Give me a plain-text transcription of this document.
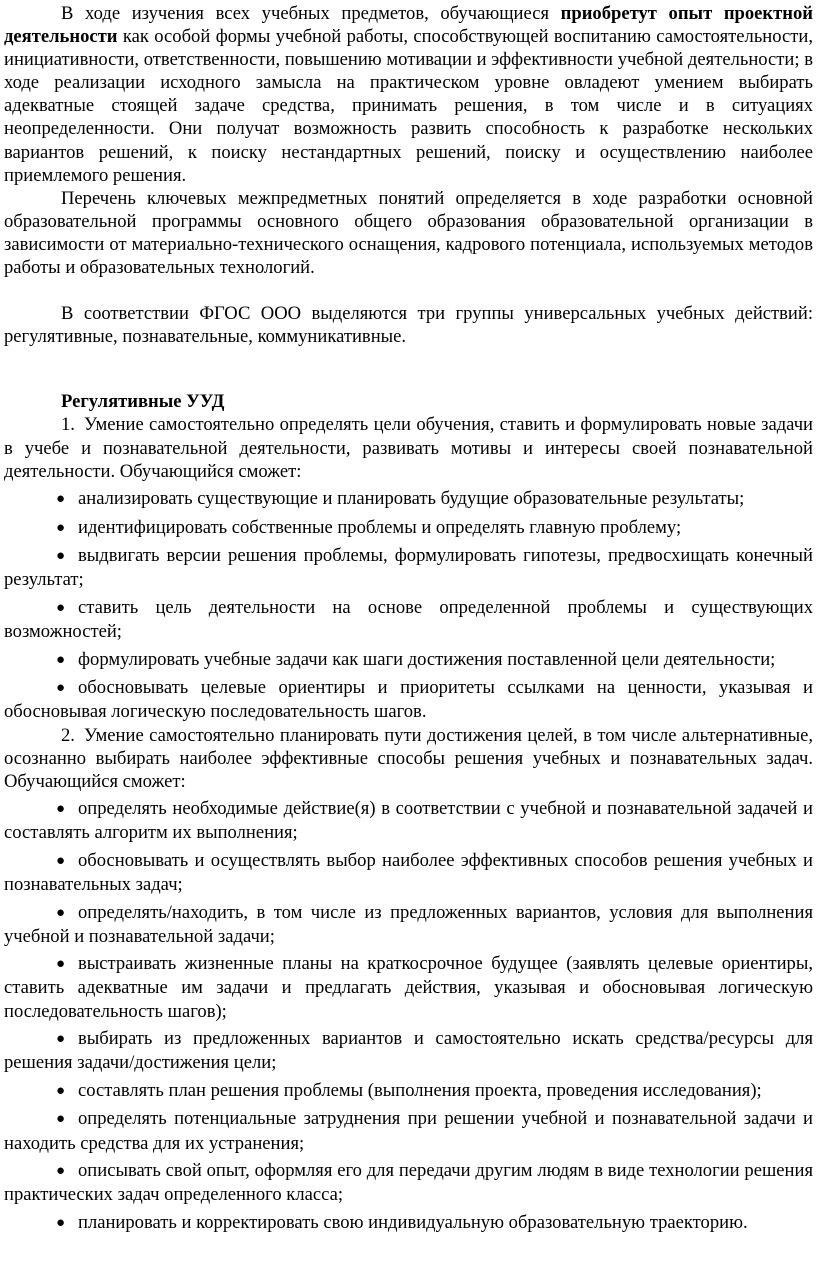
В ходе изучения всех учебных предметов, обучающиеся приобретут опыт проектной деятельности как особой формы учебной работы, способствующей воспитанию самостоятельности, инициативности, ответственности, повышению мотивации и эффективности учебной деятельности; в ходе реализации исходного замысла на практическом уровне овладеют умением выбирать адекватные стоящей задаче средства, принимать решения, в том числе и в ситуациях неопределенности. Они получат возможность развить способность к разработке нескольких вариантов решений, к поиску нестандартных решений, поиску и осуществлению наиболее приемлемого решения.

Перечень ключевых межпредметных понятий определяется в ходе разработки основной образовательной программы основного общего образования образовательной организации в зависимости от материально-технического оснащения, кадрового потенциала, используемых методов работы и образовательных технологий.

В соответствии ФГОС ООО выделяются три группы универсальных учебных действий: регулятивные, познавательные, коммуникативные.

Регулятивные УУД

1. Умение самостоятельно определять цели обучения, ставить и формулировать новые задачи в учебе и познавательной деятельности, развивать мотивы и интересы своей познавательной деятельности. Обучающийся сможет:

● анализировать существующие и планировать будущие образовательные результаты;
● идентифицировать собственные проблемы и определять главную проблему;
● выдвигать версии решения проблемы, формулировать гипотезы, предвосхищать конечный результат;
● ставить цель деятельности на основе определенной проблемы и существующих возможностей;
● формулировать учебные задачи как шаги достижения поставленной цели деятельности;
● обосновывать целевые ориентиры и приоритеты ссылками на ценности, указывая и обосновывая логическую последовательность шагов.

2. Умение самостоятельно планировать пути достижения целей, в том числе альтернативные, осознанно выбирать наиболее эффективные способы решения учебных и познавательных задач. Обучающийся сможет:

● определять необходимые действие(я) в соответствии с учебной и познавательной задачей и составлять алгоритм их выполнения;
● обосновывать и осуществлять выбор наиболее эффективных способов решения учебных и познавательных задач;
● определять/находить, в том числе из предложенных вариантов, условия для выполнения учебной и познавательной задачи;
● выстраивать жизненные планы на краткосрочное будущее (заявлять целевые ориентиры, ставить адекватные им задачи и предлагать действия, указывая и обосновывая логическую последовательность шагов);
● выбирать из предложенных вариантов и самостоятельно искать средства/ресурсы для решения задачи/достижения цели;
● составлять план решения проблемы (выполнения проекта, проведения исследования);
● определять потенциальные затруднения при решении учебной и познавательной задачи и находить средства для их устранения;
● описывать свой опыт, оформляя его для передачи другим людям в виде технологии решения практических задач определенного класса;
● планировать и корректировать свою индивидуальную образовательную траекторию.
